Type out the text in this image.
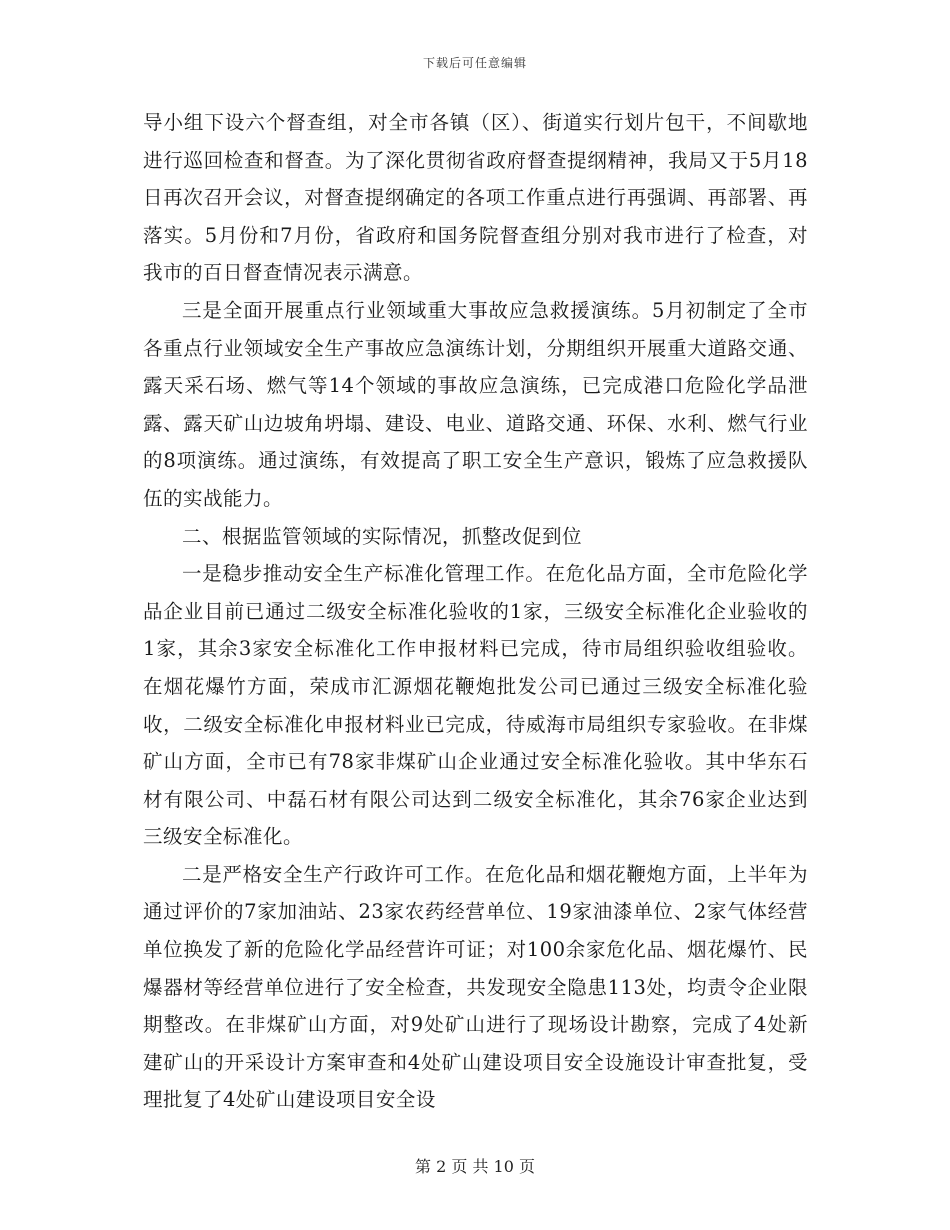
下载后可任意编辑

导小组下设六个督查组，对全市各镇（区）、街道实行划片包干，不间歇地进行巡回检查和督查。为了深化贯彻省政府督查提纲精神，我局又于5月18日再次召开会议，对督查提纲确定的各项工作重点进行再强调、再部署、再落实。5月份和7月份，省政府和国务院督查组分别对我市进行了检查，对我市的百日督查情况表示满意。

三是全面开展重点行业领域重大事故应急救援演练。5月初制定了全市各重点行业领域安全生产事故应急演练计划，分期组织开展重大道路交通、露天采石场、燃气等14个领域的事故应急演练，已完成港口危险化学品泄露、露天矿山边坡角坍塌、建设、电业、道路交通、环保、水利、燃气行业的8项演练。通过演练，有效提高了职工安全生产意识，锻炼了应急救援队伍的实战能力。

二、根据监管领域的实际情况，抓整改促到位

一是稳步推动安全生产标准化管理工作。在危化品方面，全市危险化学品企业目前已通过二级安全标准化验收的1家，三级安全标准化企业验收的1家，其余3家安全标准化工作申报材料已完成，待市局组织验收组验收。在烟花爆竹方面，荣成市汇源烟花鞭炮批发公司已通过三级安全标准化验收，二级安全标准化申报材料业已完成，待威海市局组织专家验收。在非煤矿山方面，全市已有78家非煤矿山企业通过安全标准化验收。其中华东石材有限公司、中磊石材有限公司达到二级安全标准化，其余76家企业达到三级安全标准化。

二是严格安全生产行政许可工作。在危化品和烟花鞭炮方面，上半年为通过评价的7家加油站、23家农药经营单位、19家油漆单位、2家气体经营单位换发了新的危险化学品经营许可证；对100余家危化品、烟花爆竹、民爆器材等经营单位进行了安全检查，共发现安全隐患113处，均责令企业限期整改。在非煤矿山方面，对9处矿山进行了现场设计勘察，完成了4处新建矿山的开采设计方案审查和4处矿山建设项目安全设施设计审查批复，受理批复了4处矿山建设项目安全设

第 2 页 共 10 页
